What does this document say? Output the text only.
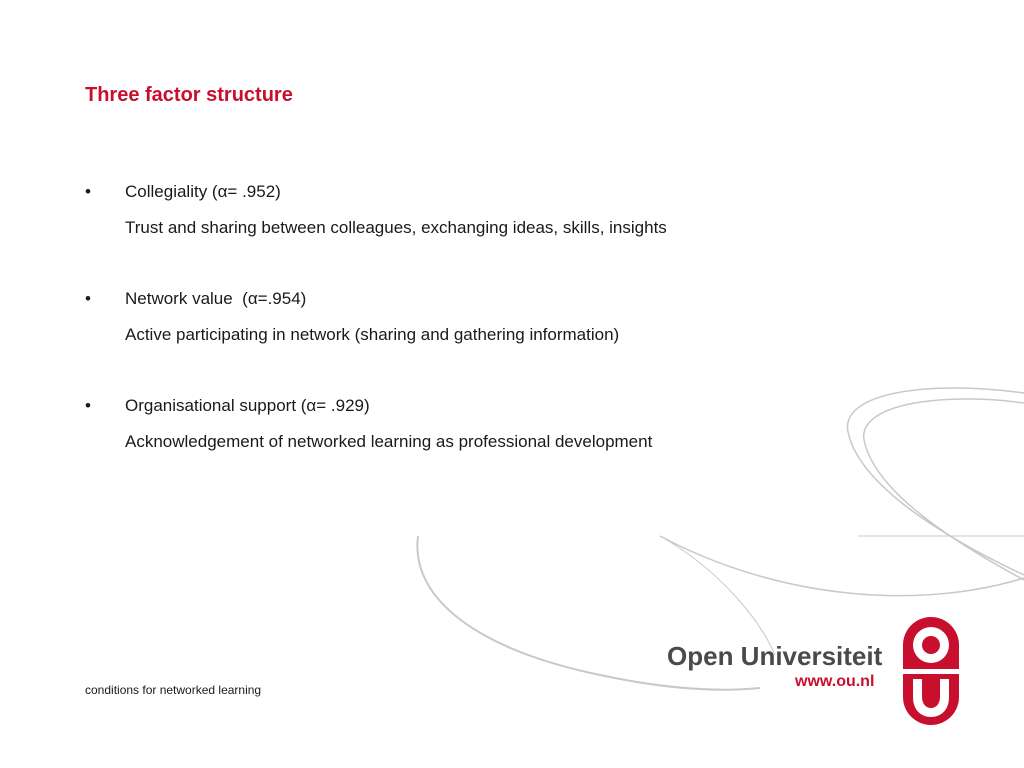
Three factor structure
• Collegiality (α= .952)
Trust and sharing between colleagues, exchanging ideas, skills, insights
• Network value  (α=.954)
Active participating in network (sharing and gathering information)
• Organisational support (α= .929)
Acknowledgement of networked learning as professional development
conditions for networked learning
Open Universiteit
www.ou.nl
